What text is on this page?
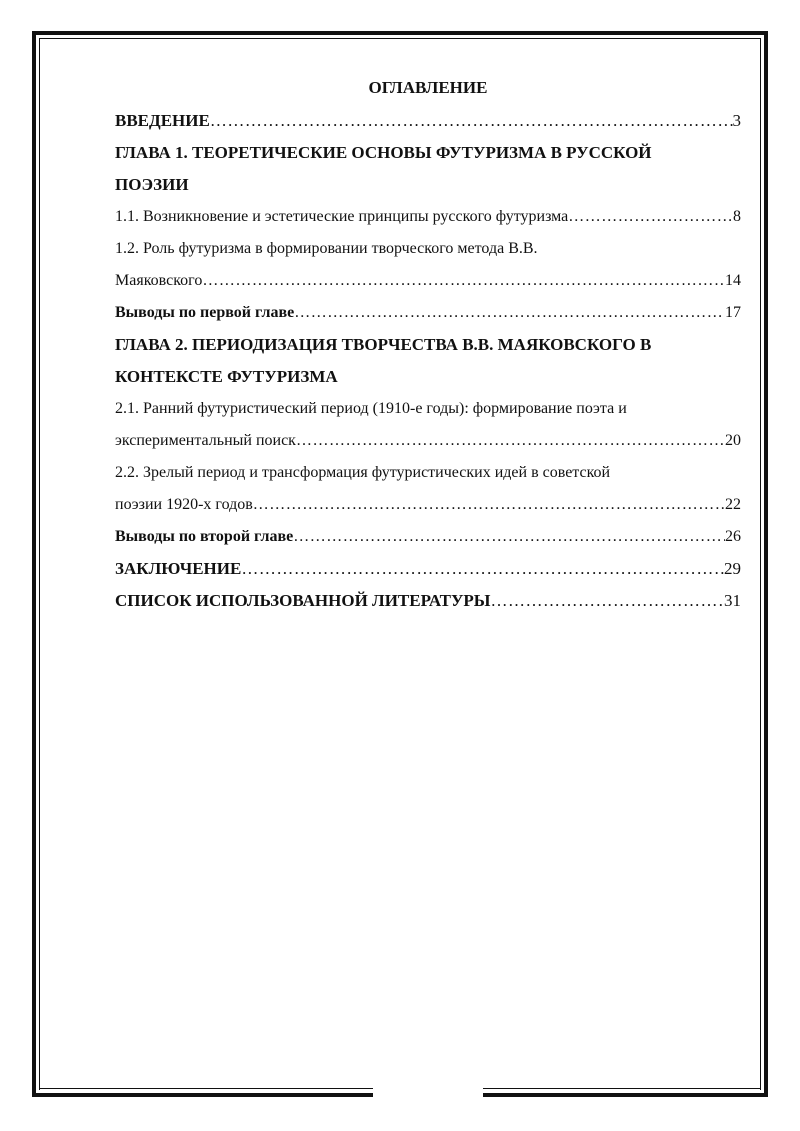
ОГЛАВЛЕНИЕ
ВВЕДЕНИЕ ………………………………………………………………………………………………………………………………………………………………	3
ГЛАВА 1. ТЕОРЕТИЧЕСКИЕ ОСНОВЫ ФУТУРИЗМА В РУССКОЙ
ПОЭЗИИ
1.1. Возникновение и эстетические принципы русского футуризма ………………………………………………………………………………………………………………………………………………………………	8
1.2. Роль футуризма в формировании творческого метода В.В.
Маяковского ………………………………………………………………………………………………………………………………………………………………	14
Выводы по первой главе ………………………………………………………………………………………………………………………………………………………………	17
ГЛАВА 2. ПЕРИОДИЗАЦИЯ ТВОРЧЕСТВА В.В. МАЯКОВСКОГО В
КОНТЕКСТЕ ФУТУРИЗМА
2.1. Ранний футуристический период (1910-е годы): формирование поэта и
экспериментальный поиск ………………………………………………………………………………………………………………………………………………………………	20
2.2. Зрелый период и трансформация футуристических идей в советской
поэзии 1920-х годов ………………………………………………………………………………………………………………………………………………………………	22
Выводы по второй главе ………………………………………………………………………………………………………………………………………………………………	26
ЗАКЛЮЧЕНИЕ ………………………………………………………………………………………………………………………………………………………………	29
СПИСОК ИСПОЛЬЗОВАННОЙ ЛИТЕРАТУРЫ ………………………………………………………………………………………………………………………………………………………………	31
